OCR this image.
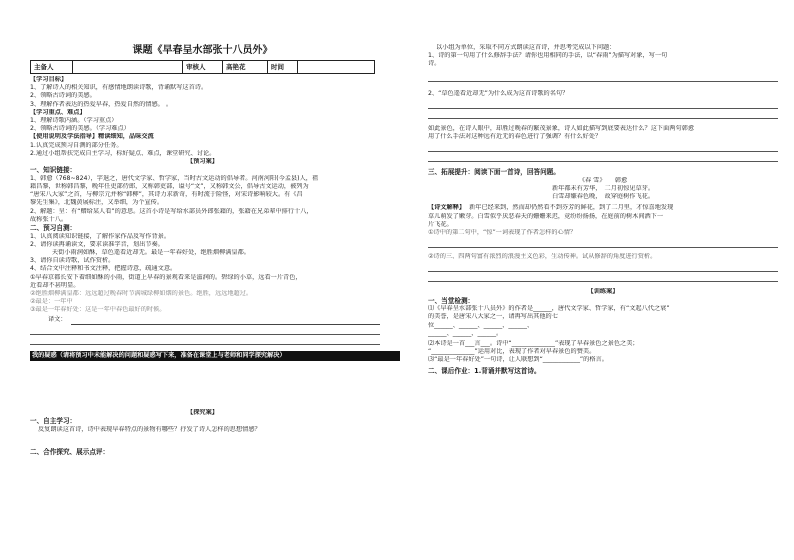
课题《早春呈水部张十八员外》
主备人		审核人	高艳花	时间	
【学习目标】
1、了解诗人的相关知识，有感情地朗读诗歌，背诵默写这首诗。
2、领略古诗词的美感。
3、理解作者表达的热爱早春，热爱自然的情感。 。
【学习重点、难点】
1、理解诗歌内涵。（学习重点）
2、领略古诗词的美感。（学习难点）
【使用说明及学法指导】精读细知，品味交流
1.认真完成预习自测的部分任务。
2.通过小组帮扶完成自主学习，标好疑点、难点，课堂研究、讨论。
【预习案】
一、知识链接：
1、韩愈（768~824），字退之，唐代文学家、哲学家，当时古文运动的倡导者。河南河阳(今孟县)人，祖
籍昌黎，世称韩昌黎，晚年任吏部侍郎，又称韩吏部，谥号“文”，又称韩文公，倡导古文运动，被列为
“唐宋八大家”之首，与柳宗元并称“韩柳”，其诗力求新奇，有时流于险怪，对宋诗影响较大。有《昌
黎先生集》，北魏黄展标注，又举细，为个宣传。
2、解题：呈：有“赠给某人看”的意思。这首小诗是写给水部员外郎张籍的，张籍在兄弟辈中排行十八，
故称张十八。
二、预习自测：
1、认真阅读知识链接，了解作家作品及写作背景。
2、请你读再诵读文，要求读准字音，划出节奏。
天街小雨润如酥，草色遥看近却无。最是一年春好处，绝胜烟柳满皇都。
3、请你自读诗歌，试作赏析。
4、结合文中注释和书文注释，把握诗意，疏通文意。
①早春京都长安下着细如酥的小雨，街道上早春的景观看来是滋润的。碧绿的小草，远看一片青色，
近看却不甚明显。
②绝胜烟柳满皇都：远远超过晚春时节满城绿柳如烟的景色。绝胜，远远地超过。
②最是：一年中
③最是一年春好处：这是一年中春色最好的时候。
译文：
我的疑惑（请将预习中未能解决的问题和疑惑写下来，准备在课堂上与老师和同学探究解决）
【探究案】
一、自主学习：
反复朗读这首诗，诗中表现早春特点的景物有哪些？抒发了诗人怎样的思想情感？
二、合作探究、展示点评：
以小组为单位，采取不同方式朗读这首诗，并思考完成以下问题：
1、诗的第一句用了什么修辞手法？请你也用相同的手法，以“春雨”为描写对象，写一句
诗。
2、“草色遥看近却无”为什么成为这首诗歌的名句？
如此景色，在诗人眼中，却胜过晚春的繁茂景象，诗人如此描写到底要表达什么？这下面两句韩愈
用了什么手法对这种远有近无的春色进行了强调？有什么好处？
三、拓展提升：阅读下面一首诗，回答问题。
《春 雪》　　韩愈
新年都未有芳华，　二月初惊见草芽。
白雪却嫌春色晚，　故穿庭树作飞花。
【诗文解释】 新年已经来到，然而却仍然看不到芬芳的鲜花，到了二月里，才惊喜地发现
草儿萌发了嫩芽。白雪似乎厌恶春天的姗姗来迟，竟纷纷扬扬，在庭前的树木间洒下一
片飞花。
①诗中的第二句中，“惊”一词表现了作者怎样的心情？
②诗的三、四两句富有浓烈的浪漫主义色彩，生动传神。试从修辞的角度进行赏析。
【训练案】
一、当堂检测：
⑴《早春呈水部张十八员外》的作者是______，唐代文学家、哲学家，有“文起八代之衰”
的美誉，是唐宋八大家之一，请再写出其他的七
位______、______、______、______、
______、______、______。
⑵本诗是一首___言___。诗中“______________”表现了早春景色之景色之美；
“______________”运用对比，表现了作者对早春景色的赞美。
⑶“最是一年春好处”一句诗，让人联想到“____________”的格言。
二、课后作业：1.背诵并默写这首诗。
